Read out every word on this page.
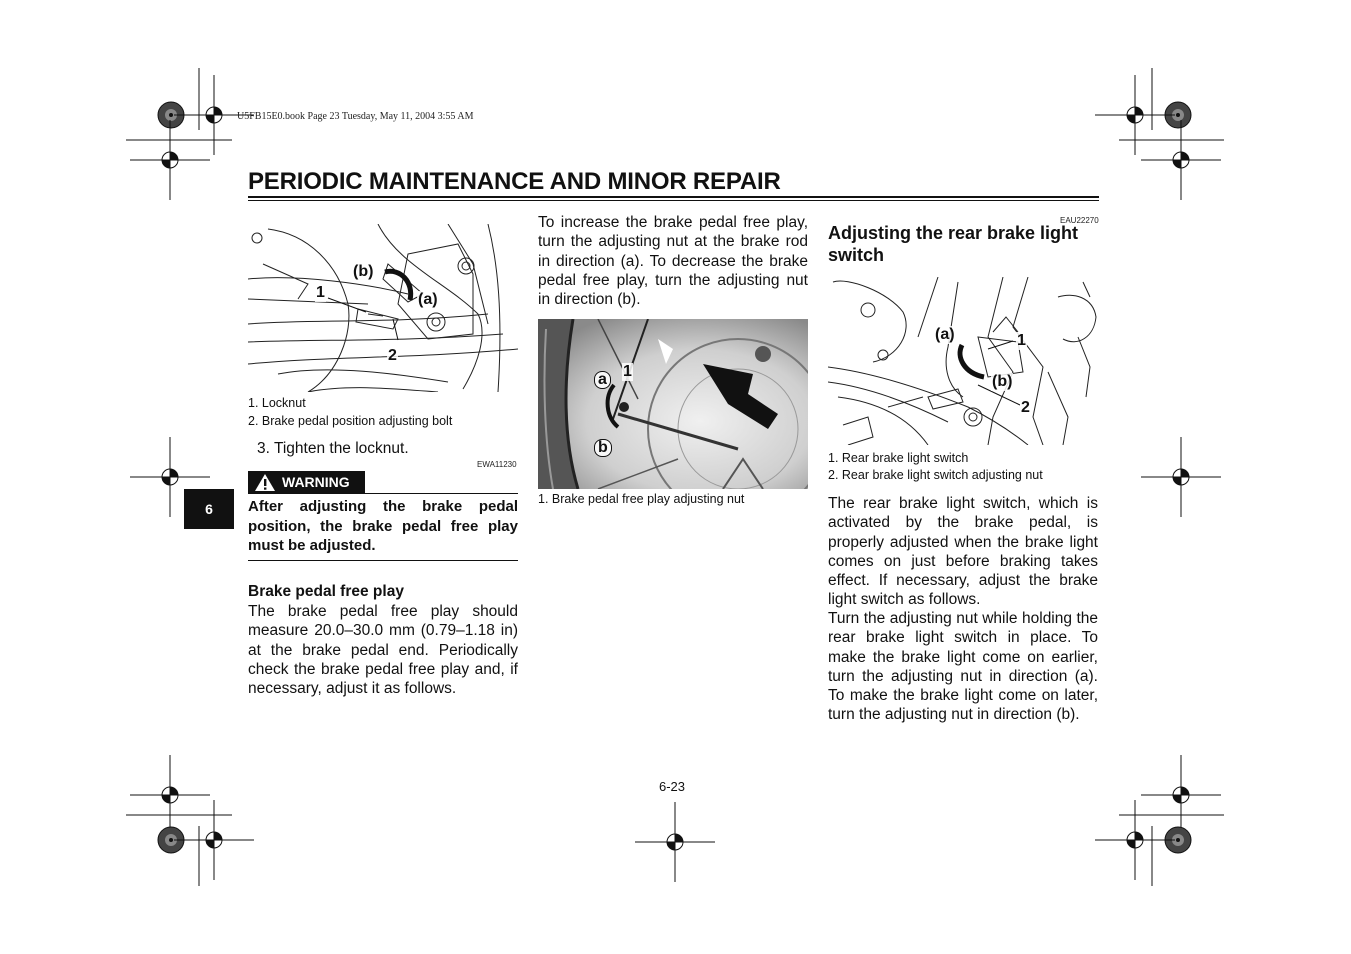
U5FB15E0.book Page 23 Tuesday, May 11, 2004 3:55 AM
PERIODIC MAINTENANCE AND MINOR REPAIR
6
(b)
1	(a)
2
1. Locknut
2. Brake pedal position adjusting bolt
3. Tighten the locknut.
EWA11230
WARNING
After adjusting the brake pedal position, the brake pedal free play must be adjusted.
Brake pedal free play
The brake pedal free play should measure 20.0–30.0 mm (0.79–1.18 in) at the brake pedal end. Periodically check the brake pedal free play and, if necessary, adjust it as follows.
To increase the brake pedal free play, turn the adjusting nut at the brake rod in direction (a). To decrease the brake pedal free play, turn the adjusting nut in direction (b).
a 1
b
1. Brake pedal free play adjusting nut
EAU22270
Adjusting the rear brake light switch
(a)	1
(b)
2
1. Rear brake light switch
2. Rear brake light switch adjusting nut
The rear brake light switch, which is activated by the brake pedal, is properly adjusted when the brake light comes on just before braking takes effect. If necessary, adjust the brake light switch as follows.
Turn the adjusting nut while holding the rear brake light switch in place. To make the brake light come on earlier, turn the adjusting nut in direction (a). To make the brake light come on later, turn the adjusting nut in direction (b).
6-23
